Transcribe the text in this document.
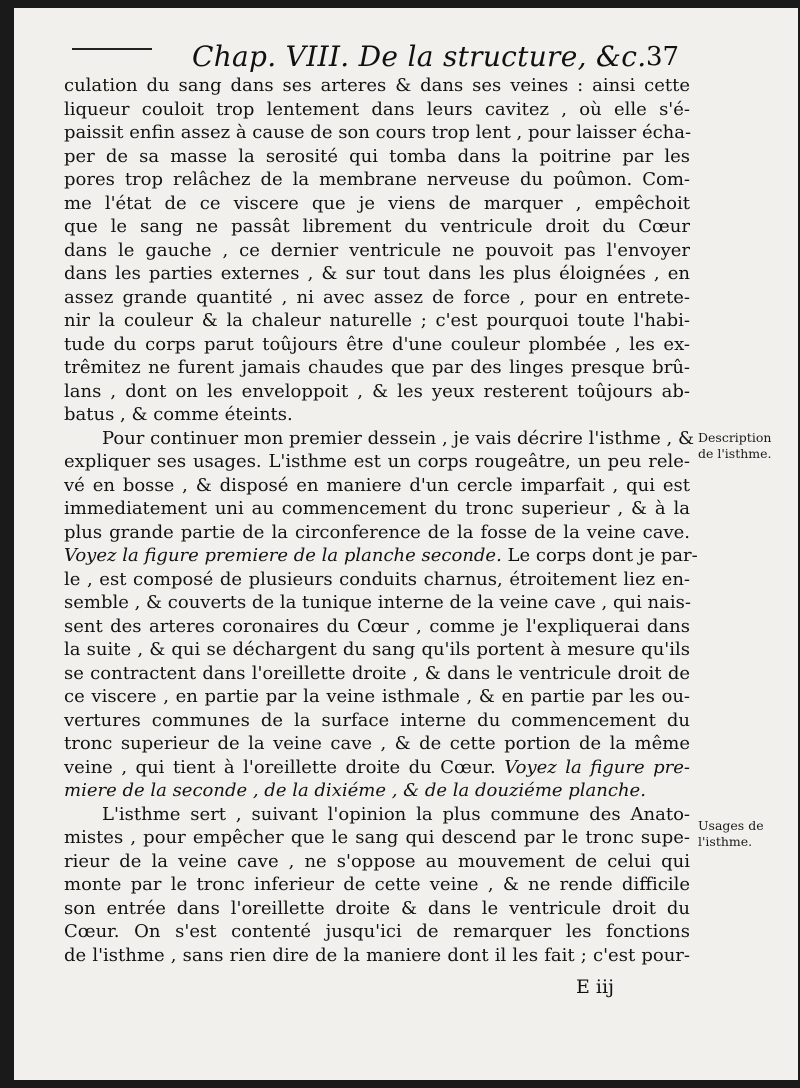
Chap. VIII. De la structure, &c. 37
culation du sang dans ses arteres & dans ses veines : ainsi cette
liqueur couloit trop lentement dans leurs cavitez , où elle s'é-
paissit enfin assez à cause de son cours trop lent , pour laisser écha-
per de sa masse la serosité qui tomba dans la poitrine par les
pores trop relâchez de la membrane nerveuse du poûmon. Com-
me l'état de ce viscere que je viens de marquer , empêchoit
que le sang ne passât librement du ventricule droit du Cœur
dans le gauche , ce dernier ventricule ne pouvoit pas l'envoyer
dans les parties externes , & sur tout dans les plus éloignées , en
assez grande quantité , ni avec assez de force , pour en entrete-
nir la couleur & la chaleur naturelle ; c'est pourquoi toute l'habi-
tude du corps parut toûjours être d'une couleur plombée , les ex-
trêmitez ne furent jamais chaudes que par des linges presque brû-
lans , dont on les enveloppoit , & les yeux resterent toûjours ab-
batus , & comme éteints.
Pour continuer mon premier dessein , je vais décrire l'isthme , &
expliquer ses usages. L'isthme est un corps rougeâtre, un peu rele-
vé en bosse , & disposé en maniere d'un cercle imparfait , qui est
immediatement uni au commencement du tronc superieur , & à la
plus grande partie de la circonference de la fosse de la veine cave.
Voyez la figure premiere de la planche seconde. Le corps dont je par-
le , est composé de plusieurs conduits charnus, étroitement liez en-
semble , & couverts de la tunique interne de la veine cave , qui nais-
sent des arteres coronaires du Cœur , comme je l'expliquerai dans
la suite , & qui se déchargent du sang qu'ils portent à mesure qu'ils
se contractent dans l'oreillette droite , & dans le ventricule droit de
ce viscere , en partie par la veine isthmale , & en partie par les ou-
vertures communes de la surface interne du commencement du
tronc superieur de la veine cave , & de cette portion de la même
veine , qui tient à l'oreillette droite du Cœur. Voyez la figure pre-
miere de la seconde , de la dixiéme , & de la douziéme planche.
L'isthme sert , suivant l'opinion la plus commune des Anato-
mistes , pour empêcher que le sang qui descend par le tronc supe-
rieur de la veine cave , ne s'oppose au mouvement de celui qui
monte par le tronc inferieur de cette veine , & ne rende difficile
son entrée dans l'oreillette droite & dans le ventricule droit du
Cœur. On s'est contenté jusqu'ici de remarquer les fonctions
de l'isthme , sans rien dire de la maniere dont il les fait ; c'est pour-
Description
de l'isthme.
Usages de
l'isthme.
E iij
